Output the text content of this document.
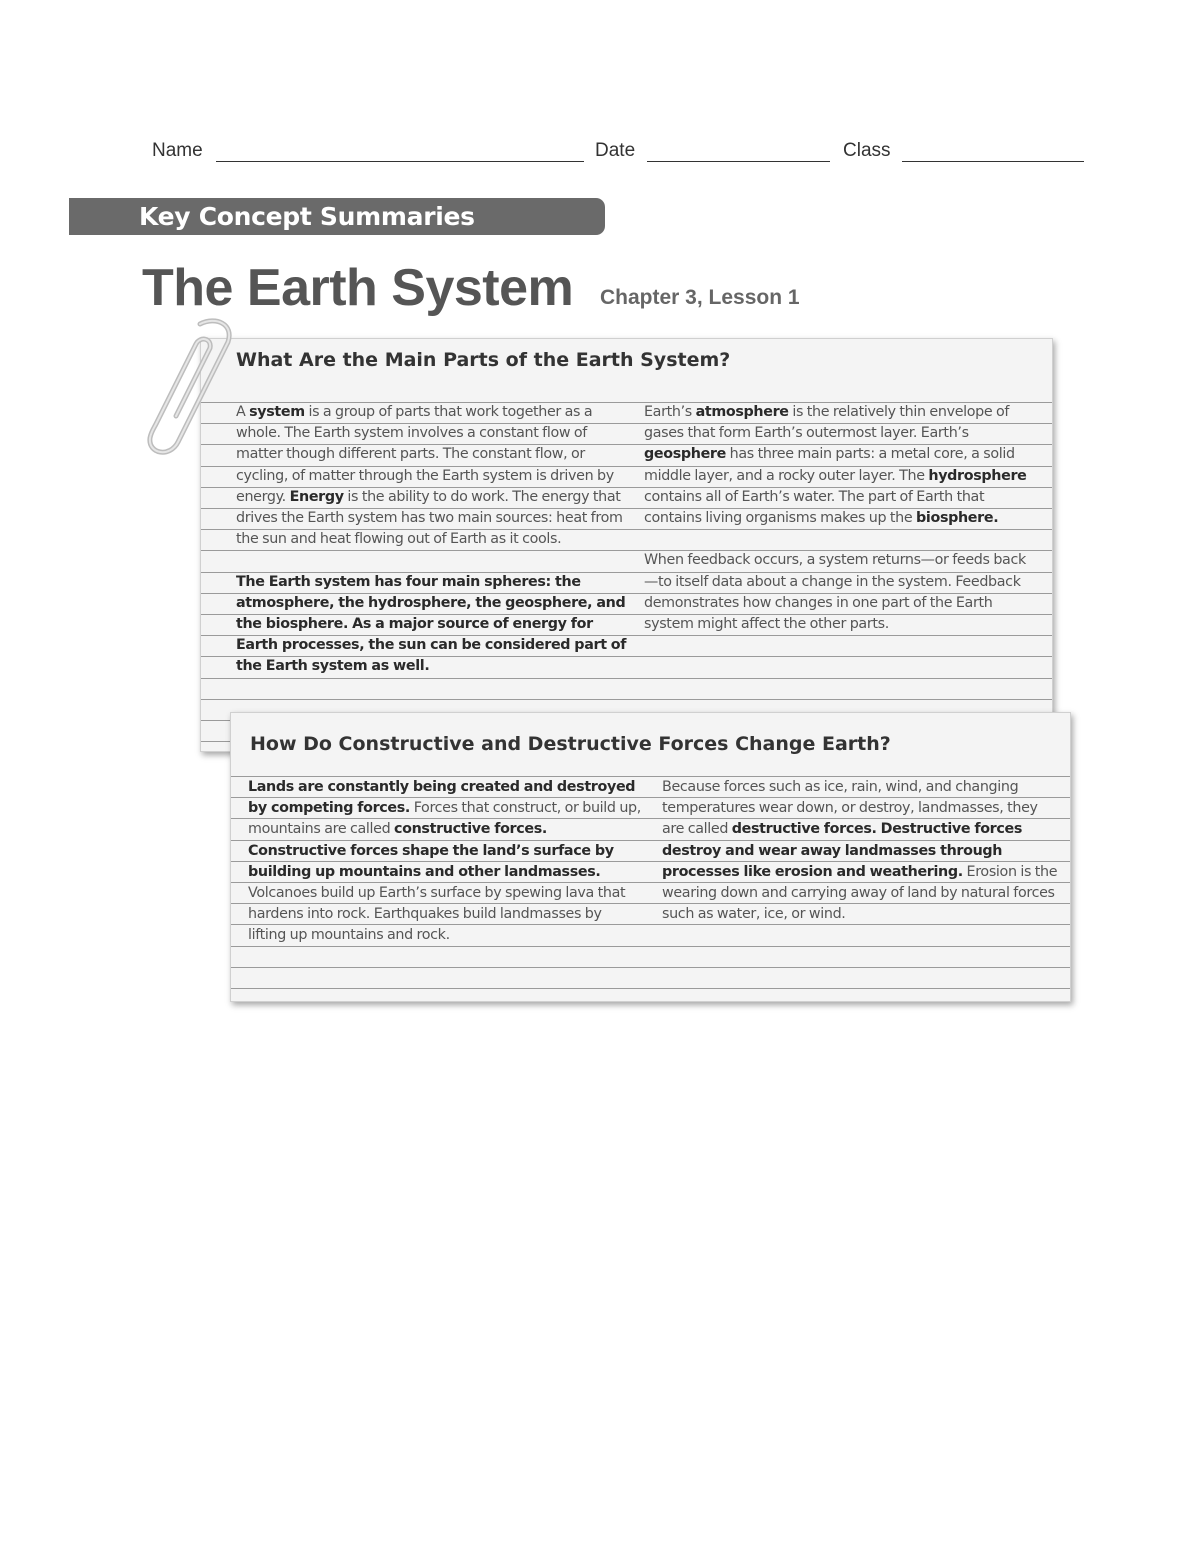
Name	Date	Class
Key Concept Summaries
The Earth System Chapter 3, Lesson 1
What Are the Main Parts of the Earth System?

A system is a group of parts that work together as a whole. The Earth system involves a constant flow of matter though different parts. The constant flow, or cycling, of matter through the Earth system is driven by energy. Energy is the ability to do work. The energy that drives the Earth system has two main sources: heat from the sun and heat flowing out of Earth as it cools.

The Earth system has four main spheres: the atmosphere, the hydrosphere, the geosphere, and the biosphere. As a major source of energy for Earth processes, the sun can be considered part of the Earth system as well.

Earth’s atmosphere is the relatively thin envelope of gases that form Earth’s outermost layer. Earth’s geosphere has three main parts: a metal core, a solid middle layer, and a rocky outer layer. The hydrosphere contains all of Earth’s water. The part of Earth that contains living organisms makes up the biosphere.

When feedback occurs, a system returns—or feeds back—to itself data about a change in the system. Feedback demonstrates how changes in one part of the Earth system might affect the other parts.

How Do Constructive and Destructive Forces Change Earth?

Lands are constantly being created and destroyed by competing forces. Forces that construct, or build up, mountains are called constructive forces. Constructive forces shape the land’s surface by building up mountains and other landmasses. Volcanoes build up Earth’s surface by spewing lava that hardens into rock. Earthquakes build landmasses by lifting up mountains and rock.

Because forces such as ice, rain, wind, and changing temperatures wear down, or destroy, landmasses, they are called destructive forces. Destructive forces destroy and wear away landmasses through processes like erosion and weathering. Erosion is the wearing down and carrying away of land by natural forces such as water, ice, or wind.
